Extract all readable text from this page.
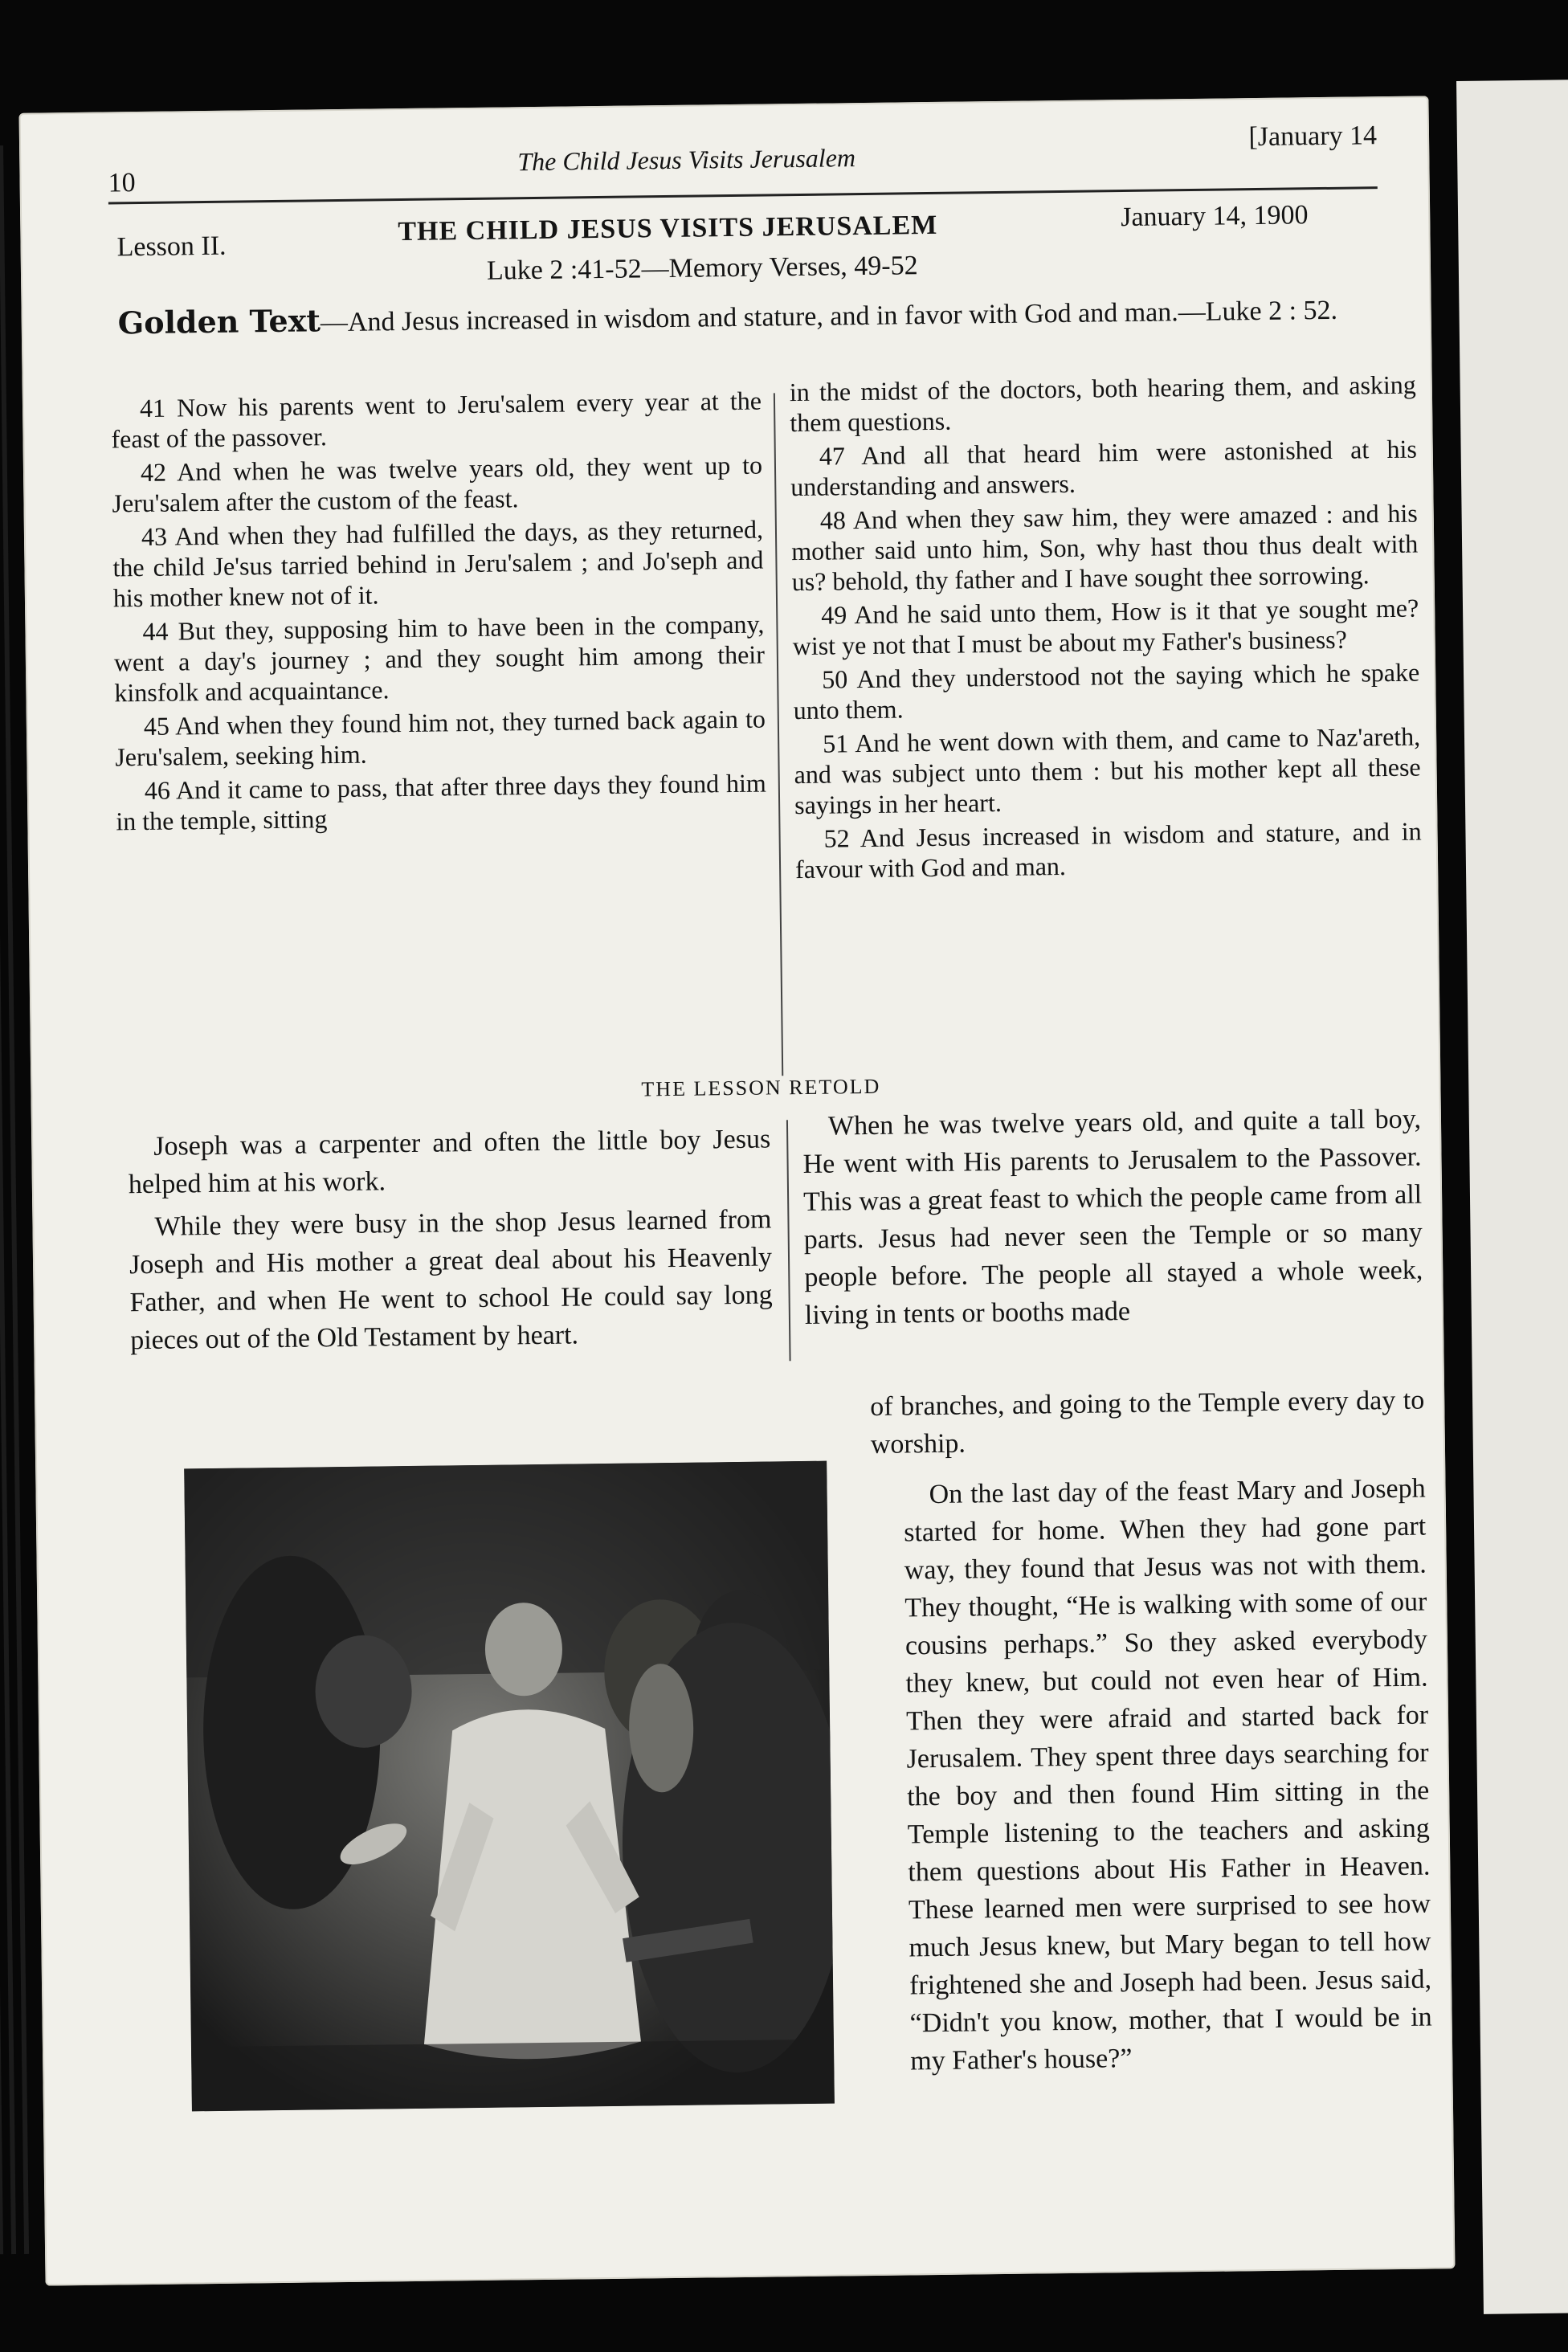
10
The Child Jesus Visits Jerusalem
[January 14
Lesson II.	THE CHILD JESUS VISITS JERUSALEM	January 14, 1900
Luke 2 :41-52—Memory Verses, 49-52
Golden Text—And Jesus increased in wisdom and stature, and in favor with God and man.—Luke 2 : 52.

41 Now his parents went to Jeru'salem every year at the feast of the passover.

42 And when he was twelve years old, they went up to Jeru'salem after the custom of the feast.

43 And when they had fulfilled the days, as they returned, the child Je'sus tarried behind in Jeru'salem ; and Jo'seph and his mother knew not of it.

44 But they, supposing him to have been in the company, went a day's journey ; and they sought him among their kinsfolk and acquaintance.

45 And when they found him not, they turned back again to Jeru'salem, seeking him.

46 And it came to pass, that after three days they found him in the temple, sitting

in the midst of the doctors, both hearing them, and asking them questions.

47 And all that heard him were astonished at his understanding and answers.

48 And when they saw him, they were amazed : and his mother said unto him, Son, why hast thou thus dealt with us? behold, thy father and I have sought thee sorrowing.

49 And he said unto them, How is it that ye sought me? wist ye not that I must be about my Father's business?

50 And they understood not the saying which he spake unto them.

51 And he went down with them, and came to Naz'areth, and was subject unto them : but his mother kept all these sayings in her heart.

52 And Jesus increased in wisdom and stature, and in favour with God and man.

THE LESSON RETOLD

Joseph was a carpenter and often the little boy Jesus helped him at his work.

While they were busy in the shop Jesus learned from Joseph and His mother a great deal about his Heavenly Father, and when He went to school He could say long pieces out of the Old Testament by heart.

When he was twelve years old, and quite a tall boy, He went with His parents to Jerusalem to the Passover. This was a great feast to which the people came from all parts. Jesus had never seen the Temple or so many people before. The people all stayed a whole week, living in tents or booths made

of branches, and going to the Temple every day to worship.

On the last day of the feast Mary and Joseph started for home. When they had gone part way, they found that Jesus was not with them. They thought, “He is walking with some of our cousins perhaps.” So they asked everybody they knew, but could not even hear of Him. Then they were afraid and started back for Jerusalem. They spent three days searching for the boy and then found Him sitting in the Temple listening to the teachers and asking them questions about His Father in Heaven. These learned men were surprised to see how much Jesus knew, but Mary began to tell how frightened she and Joseph had been. Jesus said, “Didn't you know, mother, that I would be in my Father's house?”
